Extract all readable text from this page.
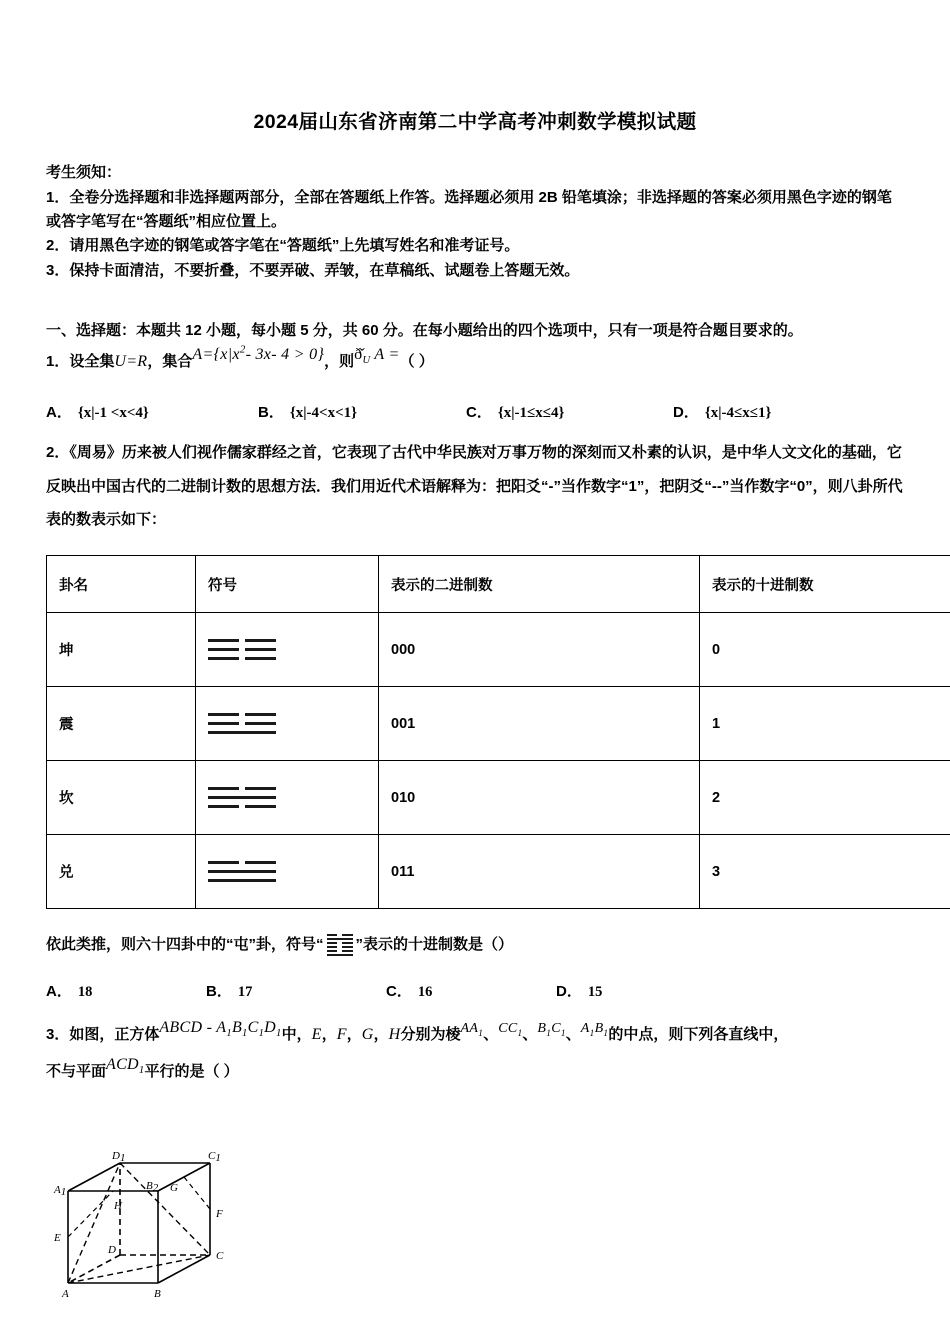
2024届山东省济南第二中学高考冲刺数学模拟试题
考生须知：
1．全卷分选择题和非选择题两部分，全部在答题纸上作答。选择题必须用 2B 铅笔填涂；非选择题的答案必须用黑色字迹的钢笔或答字笔写在“答题纸”相应位置上。
2．请用黑色字迹的钢笔或答字笔在“答题纸”上先填写姓名和准考证号。
3．保持卡面清洁，不要折叠，不要弄破、弄皱，在草稿纸、试题卷上答题无效。
一、选择题：本题共 12 小题，每小题 5 分，共 60 分。在每小题给出的四个选项中，只有一项是符合题目要求的。
1．设全集U=R，集合$A=\{x|x^2-$ 3x- 4 > 0}，则$ð̌_U$ A =（ ）
A． {x|-1 <x<4}	B． {x|-4<x<1}	C． {x|-1≤x≤4}	D． {x|-4≤x≤1}
2．《周易》历来被人们视作儒家群经之首，它表现了古代中华民族对万事万物的深刻而又朴素的认识，是中华人文文化的基础，它反映出中国古代的二进制计数的思想方法．我们用近代术语解释为：把阳爻“-”当作数字“1”，把阴爻“--”当作数字“0”，则八卦所代表的数表示如下：
卦名	符号	表示的二进制数	表示的十进制数
坤		000	0
震		001	1
坎		010	2
兑		011	3
依此类推，则六十四卦中的“屯”卦，符号“ ”表示的十进制数是（）
A． 18	B． 17	C． 16	D． 15
3．如图，正方体ABCD - $A_1B_1C_1D_1$中，E，F，G，H分别为棱$AA_1$、$CC_1$、$B_1C_1$、$A_1B_1$的中点，则下列各直线中，
不与平面$ACD_1$平行的是（ ）
D1	C1
A1	B2 G
H
F
E
D	C
A	B
